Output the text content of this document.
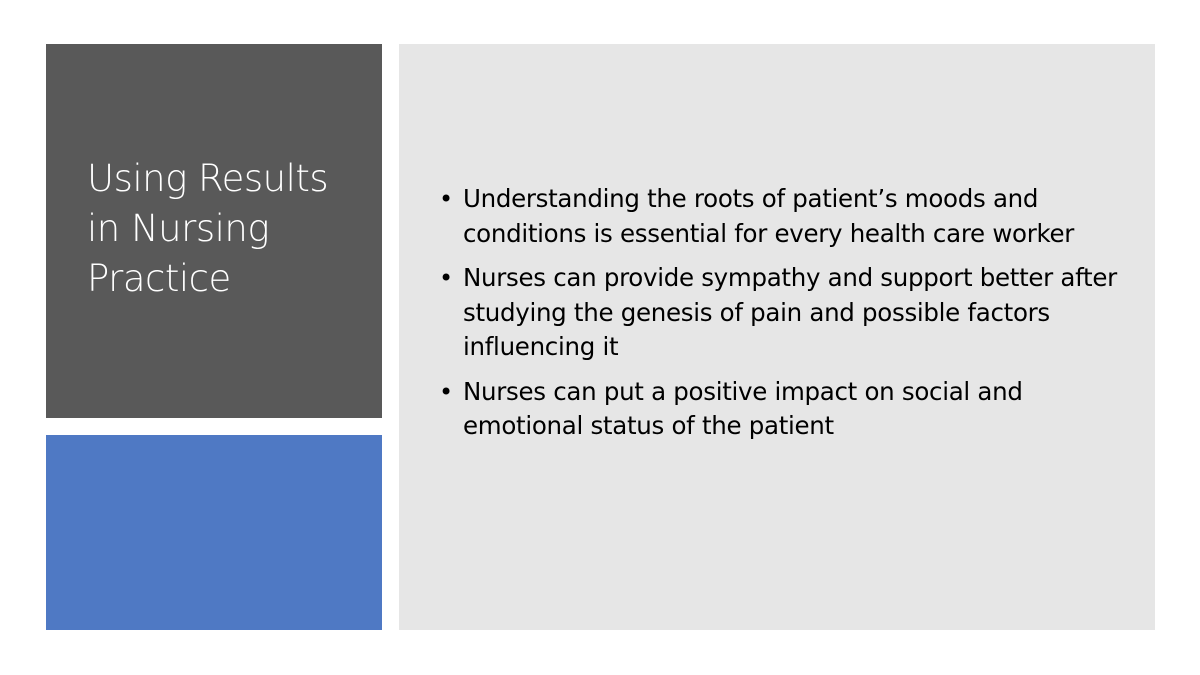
Using Results in Nursing Practice
• Understanding the roots of patient’s moods and conditions is essential for every health care worker
• Nurses can provide sympathy and support better after studying the genesis of pain and possible factors influencing it
• Nurses can put a positive impact on social and emotional status of the patient
